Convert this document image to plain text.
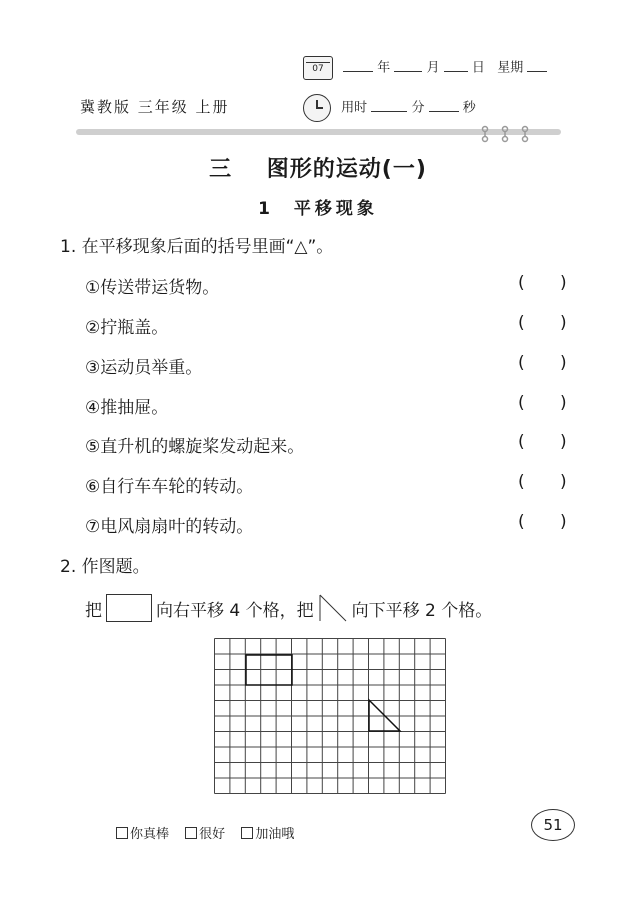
07	年	月 日 星期
用时	分	秒
冀教版 三年级 上册
三    图形的运动(一)
1  平移现象
1. 在平移现象后面的括号里画“△”。
①传送带运货物。	( )
②拧瓶盖。	( )
③运动员举重。	( )
④推抽屉。	( )
⑤直升机的螺旋桨发动起来。	( )
⑥自行车车轮的转动。	( )
⑦电风扇扇叶的转动。	( )
2. 作图题。
把	向右平移 4 个格，把 向下平移 2 个格。
你真棒 很好 加油哦
51
